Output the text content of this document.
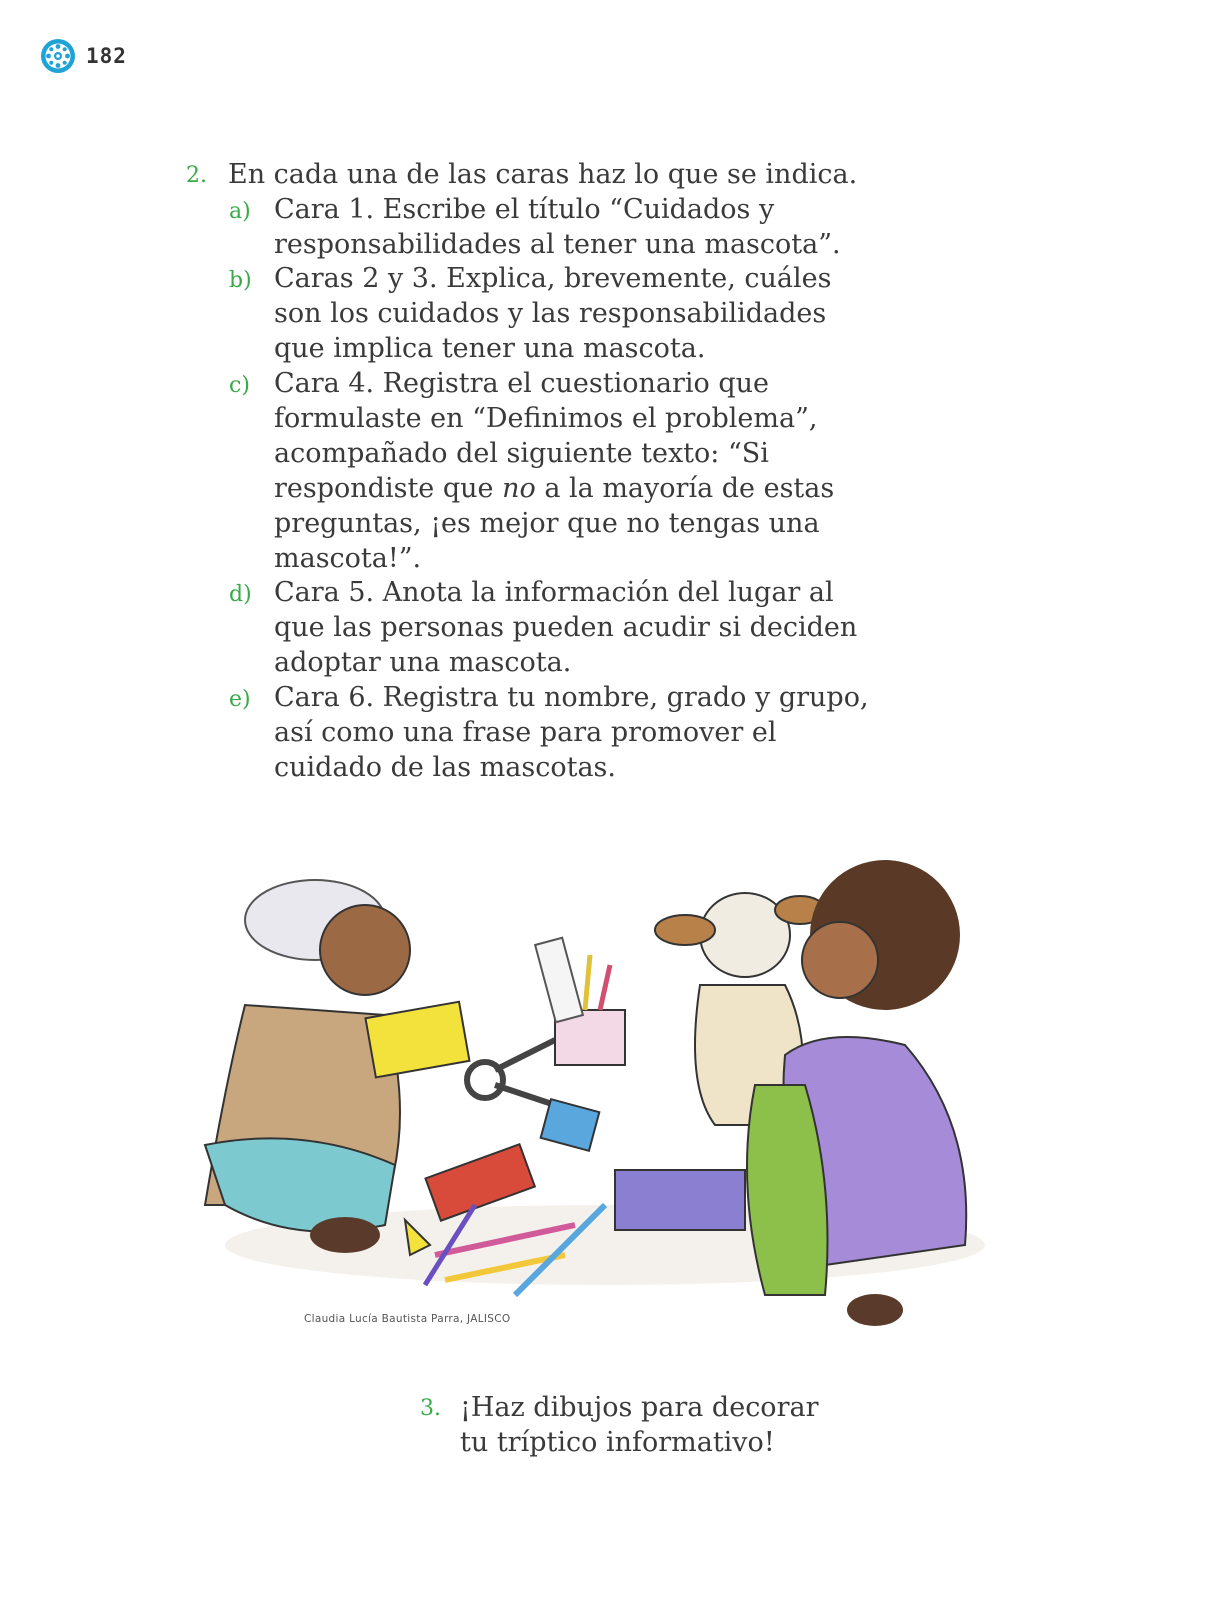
182
2. En cada una de las caras haz lo que se indica.
a) Cara 1. Escribe el título “Cuidados y
responsabilidades al tener una mascota”.
b) Caras 2 y 3. Explica, brevemente, cuáles
son los cuidados y las responsabilidades
que implica tener una mascota.
c) Cara 4. Registra el cuestionario que
formulaste en “Definimos el problema”,
acompañado del siguiente texto: “Si
respondiste que no a la mayoría de estas
preguntas, ¡es mejor que no tengas una
mascota!”.
d) Cara 5. Anota la información del lugar al
que las personas pueden acudir si deciden
adoptar una mascota.
e) Cara 6. Registra tu nombre, grado y grupo,
así como una frase para promover el
cuidado de las mascotas.
Claudia Lucía Bautista Parra, JALISCO
3. ¡Haz dibujos para decorar
tu tríptico informativo!
